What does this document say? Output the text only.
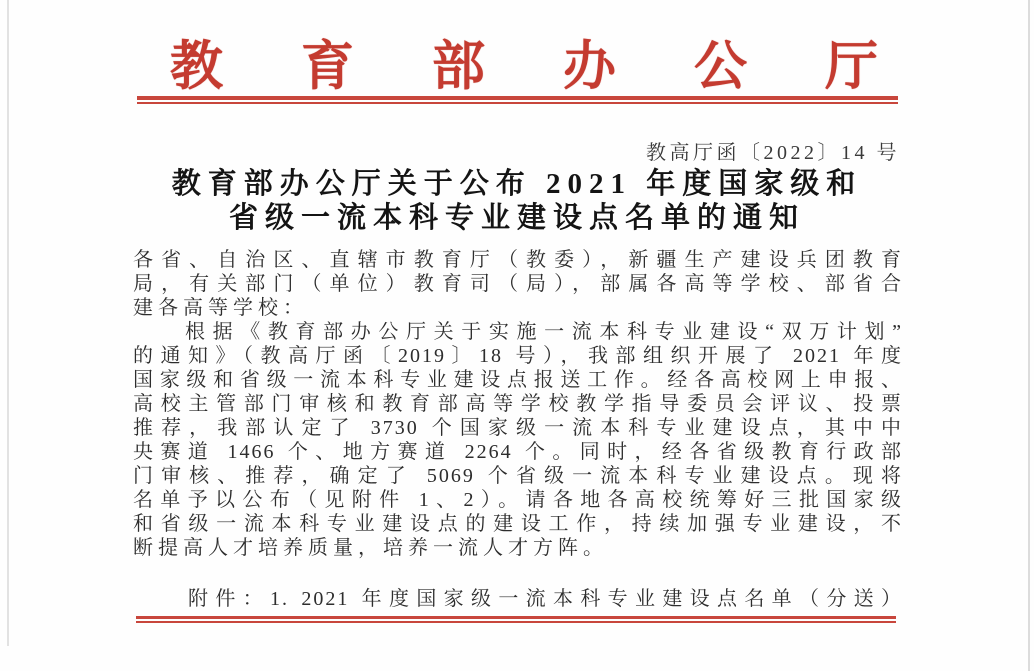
教 育 部 办 公 厅
教高厅函〔2022〕14 号
教育部办公厅关于公布 2021 年度国家级和
省级一流本科专业建设点名单的通知
各省、自治区、直辖市教育厅（教委），新疆生产建设兵团教育
局，有关部门（单位）教育司（局），部属各高等学校、部省合
建各高等学校：
根据《教育部办公厅关于实施一流本科专业建设“双万计划”
的通知》（教高厅函〔2019〕18 号），我部组织开展了 2021 年度
国家级和省级一流本科专业建设点报送工作。经各高校网上申报、
高校主管部门审核和教育部高等学校教学指导委员会评议、投票
推荐，我部认定了 3730 个国家级一流本科专业建设点，其中中
央赛道 1466 个、地方赛道 2264 个。同时，经各省级教育行政部
门审核、推荐，确定了 5069 个省级一流本科专业建设点。现将
名单予以公布（见附件 1、2）。请各地各高校统筹好三批国家级
和省级一流本科专业建设点的建设工作，持续加强专业建设，不
断提高人才培养质量，培养一流人才方阵。
附件：1. 2021 年度国家级一流本科专业建设点名单（分送）
